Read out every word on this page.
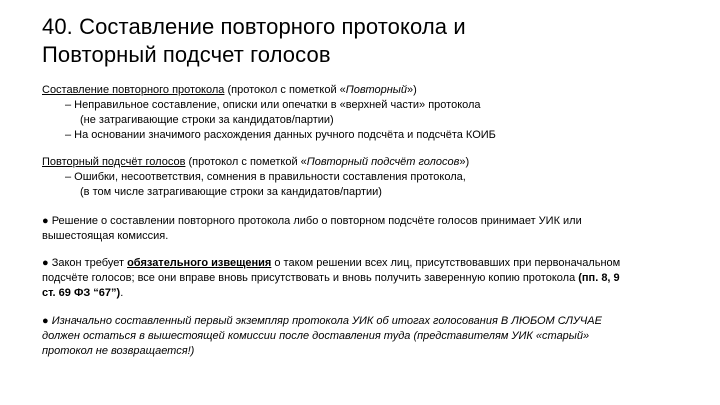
40. Составление повторного протокола и
Повторный подсчет голосов
Составление повторного протокола (протокол с пометкой «Повторный»)
– Неправильное составление, описки или опечатки в «верхней части» протокола
(не затрагивающие строки за кандидатов/партии)
– На основании значимого расхождения данных ручного подсчёта и подсчёта КОИБ
Повторный подсчёт голосов (протокол с пометкой «Повторный подсчёт голосов»)
– Ошибки, несоответствия, сомнения в правильности составления протокола,
(в том числе затрагивающие строки за кандидатов/партии)
● Решение о составлении повторного протокола либо о повторном подсчёте голосов принимает УИК или
вышестоящая комиссия.
● Закон требует обязательного извещения о таком решении всех лиц, присутствовавших при первоначальном
подсчёте голосов; все они вправе вновь присутствовать и вновь получить заверенную копию протокола (пп. 8, 9
ст. 69 ФЗ “67”).
● Изначально составленный первый экземпляр протокола УИК об итогах голосования В ЛЮБОМ СЛУЧАЕ
должен остаться в вышестоящей комиссии после доставления туда (представителям УИК «старый»
протокол не возвращается!)
